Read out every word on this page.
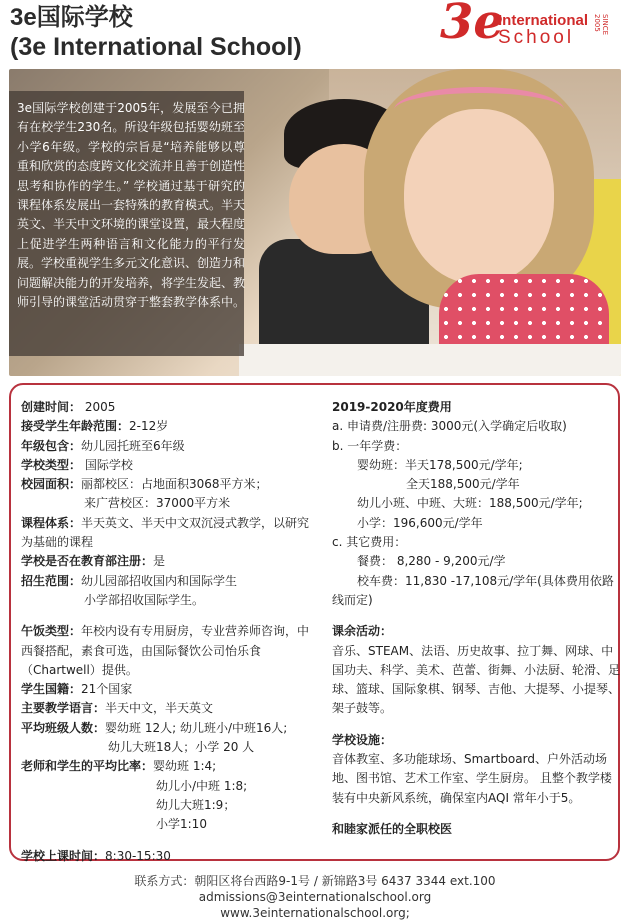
3e国际学校
(3e International School)	3e
International
School
SINCE 2005

3e国际学校创建于2005年，发展至今已拥有在校学生230名。所设年级包括婴幼班至小学6年级。学校的宗旨是“培养能够以尊重和欣赏的态度跨文化交流并且善于创造性思考和协作的学生。” 学校通过基于研究的课程体系发展出一套特殊的教育模式。半天英文、半天中文环境的课堂设置，最大程度上促进学生两种语言和文化能力的平行发展。学校重视学生多元文化意识、创造力和问题解决能力的开发培养，将学生发起、教师引导的课堂活动贯穿于整套教学体系中。

创建时间： 2005
接受学生年龄范围：2-12岁
年级包含：幼儿园托班至6年级
学校类型： 国际学校
校园面积：丽都校区：占地面积3068平方米；
来广营校区：37000平方米
课程体系：半天英文、半天中文双沉浸式教学，以研究为基础的课程
学校是否在教育部注册：是
招生范围：幼儿园部招收国内和国际学生
小学部招收国际学生。
午饭类型：年校内设有专用厨房，专业营养师咨询，中西餐搭配，素食可选，由国际餐饮公司怡乐食（Chartwell）提供。
学生国籍：21个国家
主要教学语言：半天中文，半天英文
平均班级人数：婴幼班 12人; 幼儿班小/中班16人;
幼儿大班18人；小学 20 人
老师和学生的平均比率：婴幼班 1:4;
幼儿小/中班 1:8;
幼儿大班1:9；
小学1:10
学校上课时间：8:30-15:30
2019-2020年度费用
a. 申请费/注册费: 3000元(入学确定后收取)
b. 一年学费：
婴幼班：半天178,500元/学年;
全天188,500元/学年
幼儿小班、中班、大班：188,500元/学年;
小学：196,600元/学年
c. 其它费用：
餐费： 8,280 - 9,200元/学
校车费：11,830 -17,108元/学年(具体费用依路线而定)
课余活动：
音乐、STEAM、法语、历史故事、拉丁舞、网球、中国功夫、科学、美术、芭蕾、街舞、小法厨、轮滑、足球、篮球、国际象棋、钢琴、吉他、大提琴、小提琴、架子鼓等。
学校设施：
音体教室、多功能球场、Smartboard、户外活动场地、图书馆、艺术工作室、学生厨房。 且整个教学楼装有中央新风系统，确保室内AQI 常年小于5。
和睦家派任的全职校医
联系方式：朝阳区将台西路9-1号 / 新锦路3号 6437 3344 ext.100
admissions@3einternationalschool.org
www.3einternationalschool.org;
